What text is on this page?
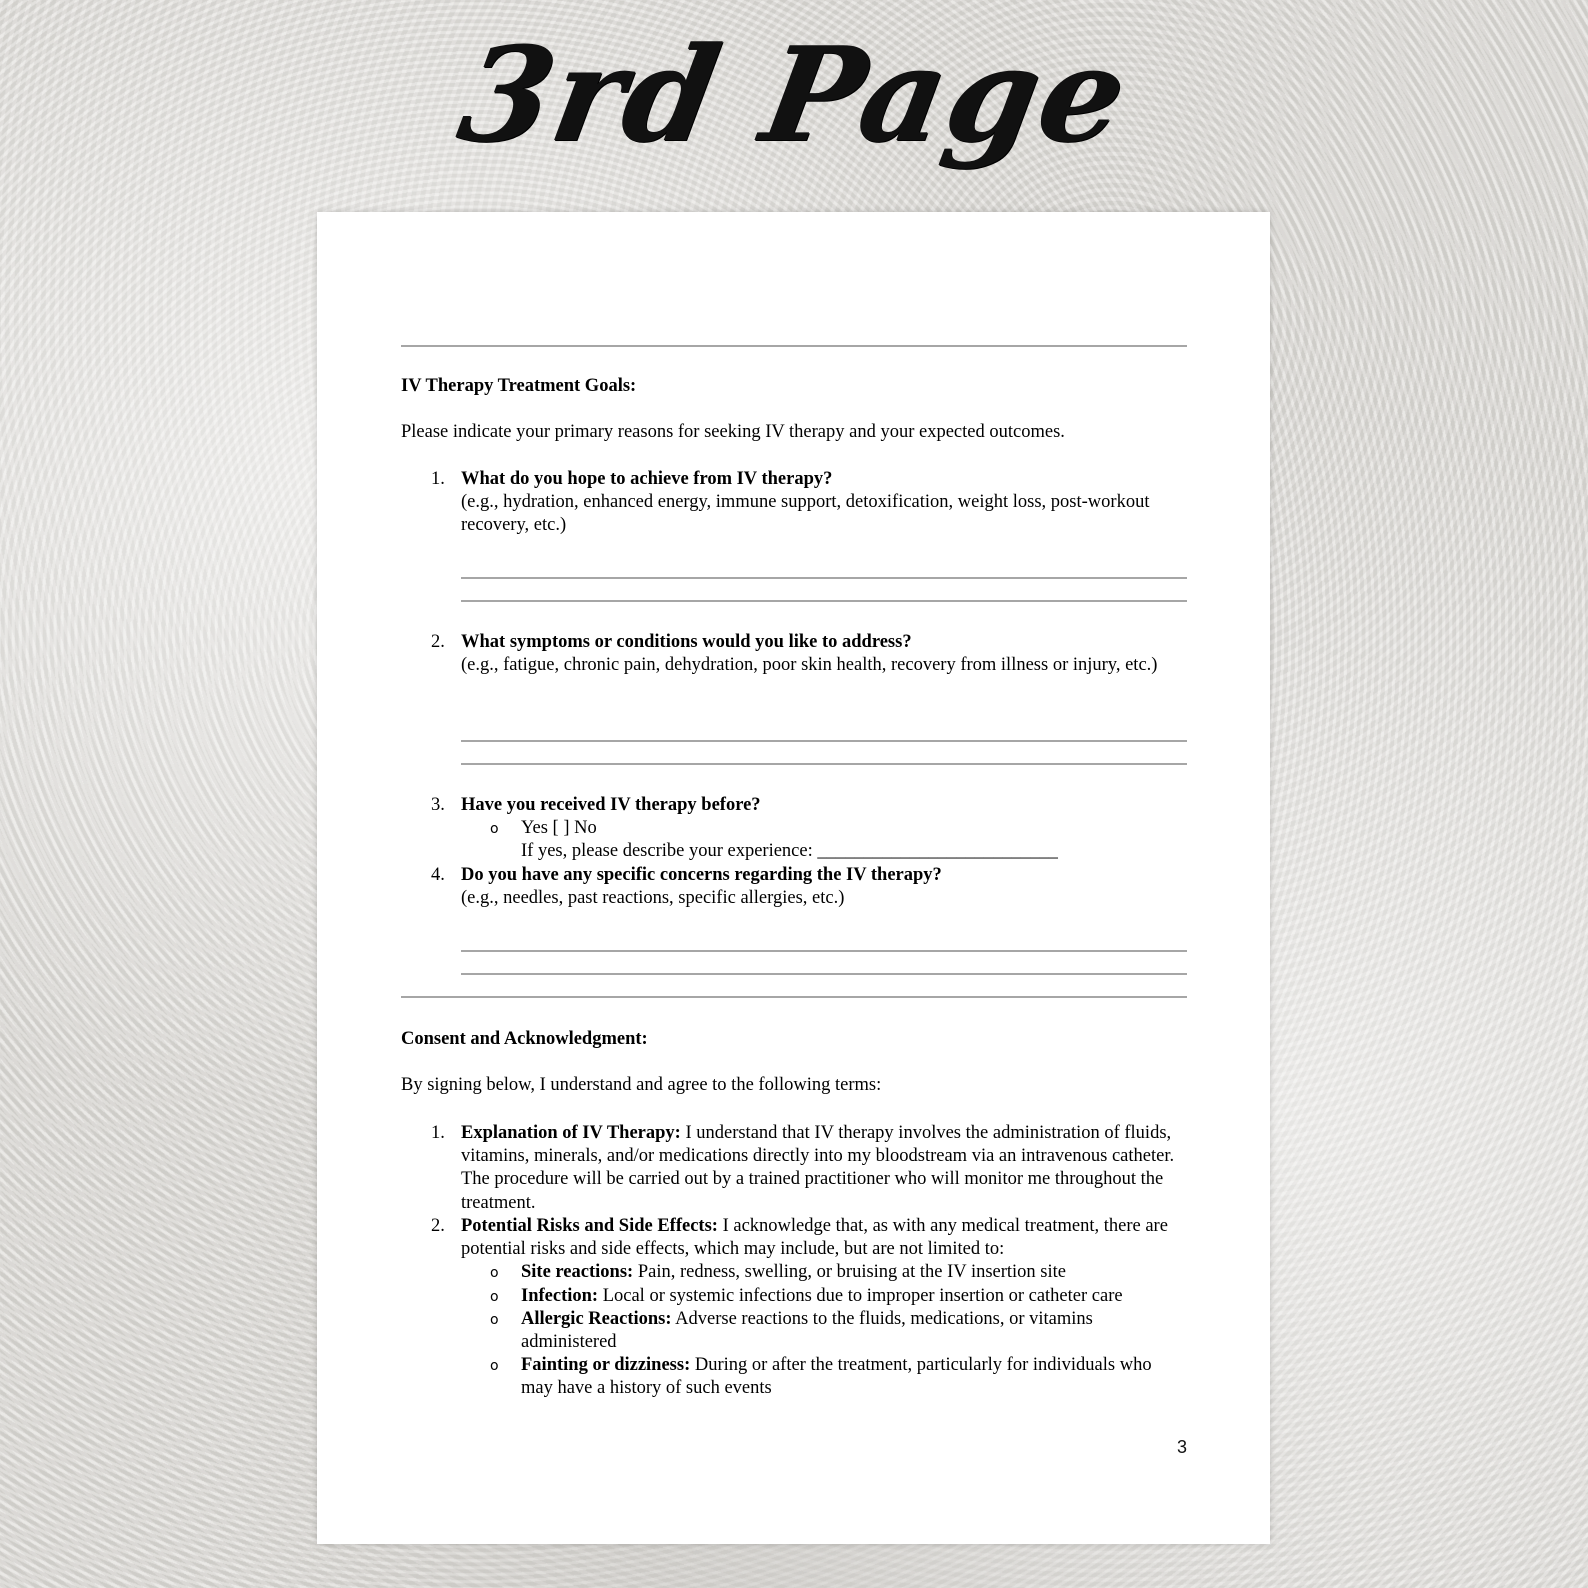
3rd Page
IV Therapy Treatment Goals:
Please indicate your primary reasons for seeking IV therapy and your expected outcomes.
1. What do you hope to achieve from IV therapy?
(e.g., hydration, enhanced energy, immune support, detoxification, weight loss, post-workout recovery, etc.)
2. What symptoms or conditions would you like to address?
(e.g., fatigue, chronic pain, dehydration, poor skin health, recovery from illness or injury, etc.)
3. Have you received IV therapy before?
o Yes [ ] No
If yes, please describe your experience: __________________________
4. Do you have any specific concerns regarding the IV therapy?
(e.g., needles, past reactions, specific allergies, etc.)
Consent and Acknowledgment:
By signing below, I understand and agree to the following terms:
1. Explanation of IV Therapy: I understand that IV therapy involves the administration of fluids, vitamins, minerals, and/or medications directly into my bloodstream via an intravenous catheter. The procedure will be carried out by a trained practitioner who will monitor me throughout the treatment.
2. Potential Risks and Side Effects: I acknowledge that, as with any medical treatment, there are potential risks and side effects, which may include, but are not limited to:
o Site reactions: Pain, redness, swelling, or bruising at the IV insertion site
o Infection: Local or systemic infections due to improper insertion or catheter care
o Allergic Reactions: Adverse reactions to the fluids, medications, or vitamins administered
o Fainting or dizziness: During or after the treatment, particularly for individuals who may have a history of such events
3
